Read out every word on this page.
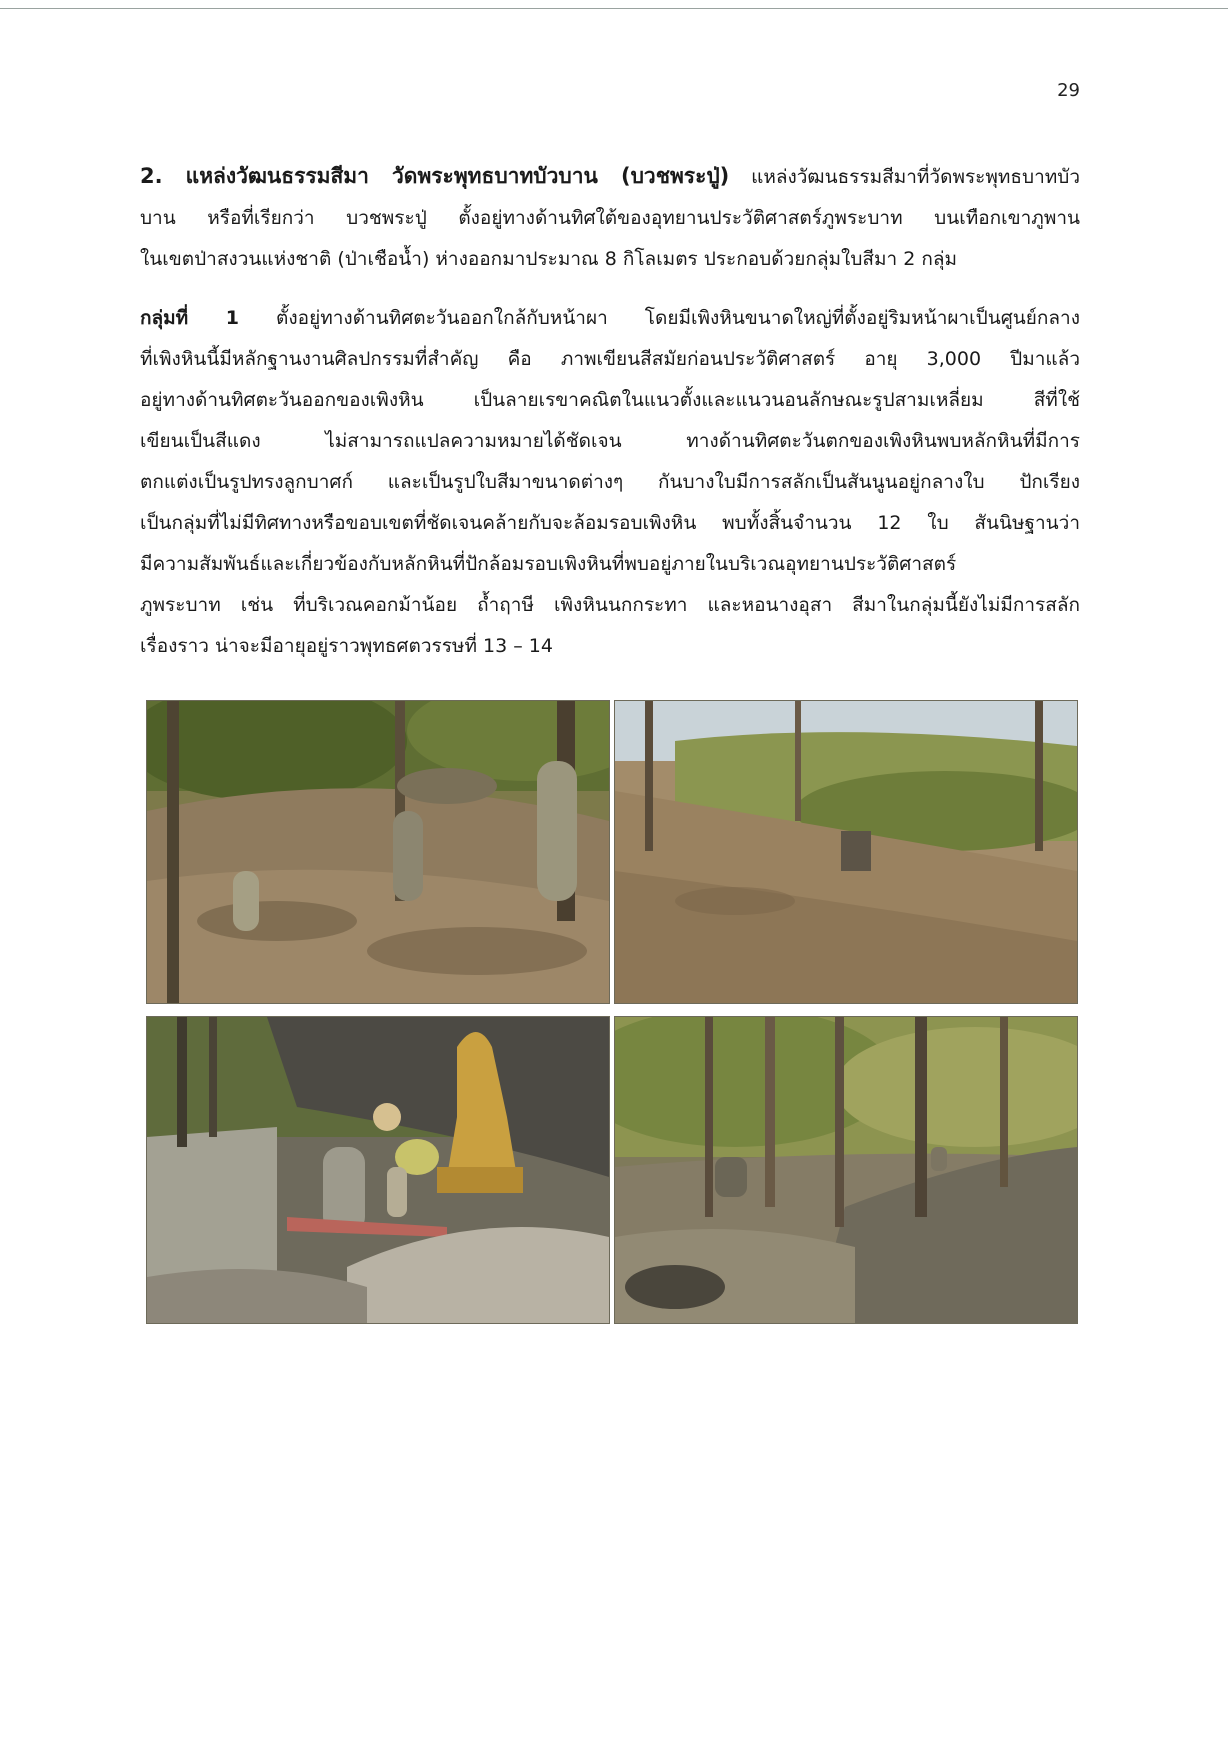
29
2. แหล่งวัฒนธรรมสีมา วัดพระพุทธบาทบัวบาน (บวชพระปู่) แหล่งวัฒนธรรมสีมาที่วัดพระพุทธบาทบัว
บาน หรือที่เรียกว่า บวชพระปู่ ตั้งอยู่ทางด้านทิศใต้ของอุทยานประวัติศาสตร์ภูพระบาท บนเทือกเขาภูพาน
ในเขตป่าสงวนแห่งชาติ (ป่าเชือน้ำ) ห่างออกมาประมาณ 8 กิโลเมตร ประกอบด้วยกลุ่มใบสีมา 2 กลุ่ม
กลุ่มที่ 1 ตั้งอยู่ทางด้านทิศตะวันออกใกล้กับหน้าผา โดยมีเพิงหินขนาดใหญ่ที่ตั้งอยู่ริมหน้าผาเป็นศูนย์กลาง
ที่เพิงหินนี้มีหลักฐานงานศิลปกรรมที่สำคัญ คือ ภาพเขียนสีสมัยก่อนประวัติศาสตร์ อายุ 3,000 ปีมาแล้ว
อยู่ทางด้านทิศตะวันออกของเพิงหิน เป็นลายเรขาคณิตในแนวตั้งและแนวนอนลักษณะรูปสามเหลี่ยม สีที่ใช้
เขียนเป็นสีแดง ไม่สามารถแปลความหมายได้ชัดเจน ทางด้านทิศตะวันตกของเพิงหินพบหลักหินที่มีการ
ตกแต่งเป็นรูปทรงลูกบาศก์ และเป็นรูปใบสีมาขนาดต่างๆ กันบางใบมีการสลักเป็นสันนูนอยู่กลางใบ ปักเรียง
เป็นกลุ่มที่ไม่มีทิศทางหรือขอบเขตที่ชัดเจนคล้ายกับจะล้อมรอบเพิงหิน พบทั้งสิ้นจำนวน 12 ใบ สันนิษฐานว่า
มีความสัมพันธ์และเกี่ยวข้องกับหลักหินที่ปักล้อมรอบเพิงหินที่พบอยู่ภายในบริเวณอุทยานประวัติศาสตร์
ภูพระบาท เช่น ที่บริเวณคอกม้าน้อย ถ้ำฤาษี เพิงหินนกกระทา และหอนางอุสา สีมาในกลุ่มนี้ยังไม่มีการสลัก
เรื่องราว น่าจะมีอายุอยู่ราวพุทธศตวรรษที่ 13 – 14
